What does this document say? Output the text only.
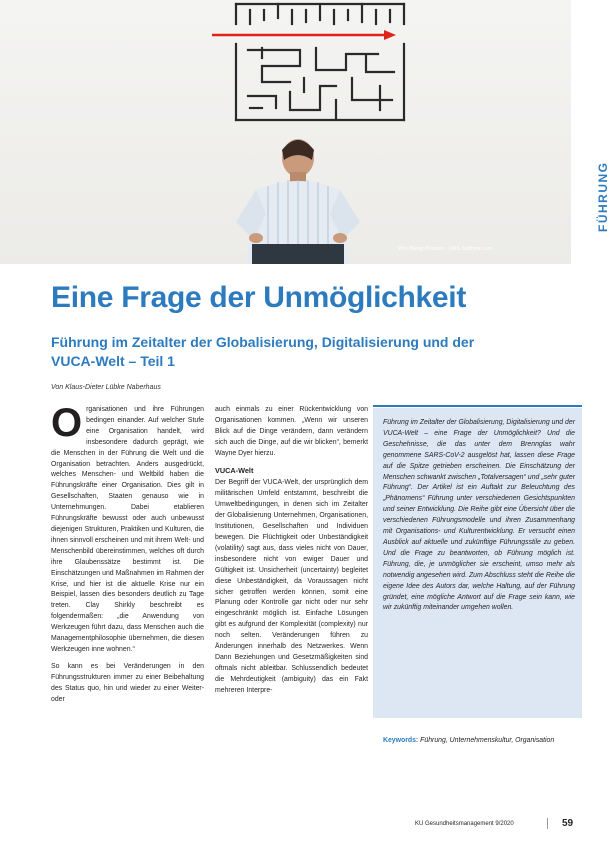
Who Being Pictures › DMS-Sabbine.com
FÜHRUNG
Eine Frage der Unmöglichkeit
Führung im Zeitalter der Globalisierung, Digitalisierung und der VUCA-Welt – Teil 1
Von Klaus-Dieter Lübke Naberhaus

Organisationen und ihre Führungen bedingen einander. Auf welcher Stufe eine Organisation handelt, wird insbesondere dadurch geprägt, wie die Menschen in der Führung die Welt und die Organisation betrachten. Anders ausgedrückt, welches Menschen- und Weltbild haben die Führungskräfte einer Organisation. Dies gilt in Gesellschaften, Staaten genauso wie in Unternehmungen. Dabei etablieren Führungskräfte bewusst oder auch unbewusst diejenigen Strukturen, Praktiken und Kulturen, die ihnen sinnvoll erscheinen und mit ihrem Welt- und Menschenbild übereinstimmen, welches oft durch ihre Glaubenssätze bestimmt ist. Die Einschätzungen und Maßnahmen im Rahmen der Krise, und hier ist die aktuelle Krise nur ein Beispiel, lassen dies besonders deutlich zu Tage treten. Clay Shirkly beschreibt es folgendermaßen: „die Anwendung von Werkzeugen führt dazu, dass Menschen auch die Managementphilosophie übernehmen, die diesen Werkzeugen inne wohnen.“

So kann es bei Veränderungen in den Führungsstrukturen immer zu einer Beibehaltung des Status quo, hin und wieder zu einer Weiter- oder

auch einmals zu einer Rückentwicklung von Organisationen kommen. „Wenn wir unseren Blick auf die Dinge verändern, dann verändern sich auch die Dinge, auf die wir blicken“, bemerkt Wayne Dyer hierzu.

VUCA-Welt

Der Begriff der VUCA-Welt, der ursprünglich dem militärischen Umfeld entstammt, beschreibt die Umweltbedingungen, in denen sich im Zeitalter der Globalisierung Unternehmen, Organisationen, Institutionen, Gesellschaften und Individuen bewegen. Die Flüchtigkeit oder Unbeständigkeit (volatility) sagt aus, dass vieles nicht von Dauer, insbesondere nicht von ewiger Dauer und Gültigkeit ist. Unsicherheit (uncertainty) begleitet diese Unbeständigkeit, da Voraussagen nicht sicher getroffen werden können, somit eine Planung oder Kontrolle gar nicht oder nur sehr eingeschränkt möglich ist. Einfache Lösungen gibt es aufgrund der Komplexität (complexity) nur noch selten. Veränderungen führen zu Änderungen innerhalb des Netzwerkes. Wenn Dann Beziehungen und Gesetzmäßigkeiten sind oftmals nicht ableitbar. Schlussendlich bedeutet die Mehrdeutigkeit (ambiguity) das ein Fakt mehreren Interpre-

Führung im Zeitalter der Globalisierung, Digitalisierung und der VUCA-Welt – eine Frage der Unmöglichkeit? Und die Geschehnisse, die das unter dem Brennglas wahr genommene SARS-CoV-2 ausgelöst hat, lassen diese Frage auf die Spitze getrieben erscheinen. Die Einschätzung der Menschen schwankt zwischen „Totalversagen“ und „sehr guter Führung“. Der Artikel ist ein Auftakt zur Beleuchtung des „Phänomens“ Führung unter verschiedenen Gesichtspunkten und seiner Entwicklung. Die Reihe gibt eine Übersicht über die verschiedenen Führungsmodelle und ihren Zusammenhang mit Organisations- und Kulturentwicklung. Er versucht einen Ausblick auf aktuelle und zukünftige Führungsstile zu geben. Und die Frage zu beantworten, ob Führung möglich ist. Führung, die, je unmöglicher sie erscheint, umso mehr als notwendig angesehen wird. Zum Abschluss steht die Reihe die eigene Idee des Autors dar, welche Haltung, auf der Führung gründet, eine mögliche Antwort auf die Frage sein kann, wie wir zukünftig miteinander umgehen wollen.

Keywords: Führung, Unternehmenskultur, Organisation

KU Gesundheitsmanagement 9/2020	59
